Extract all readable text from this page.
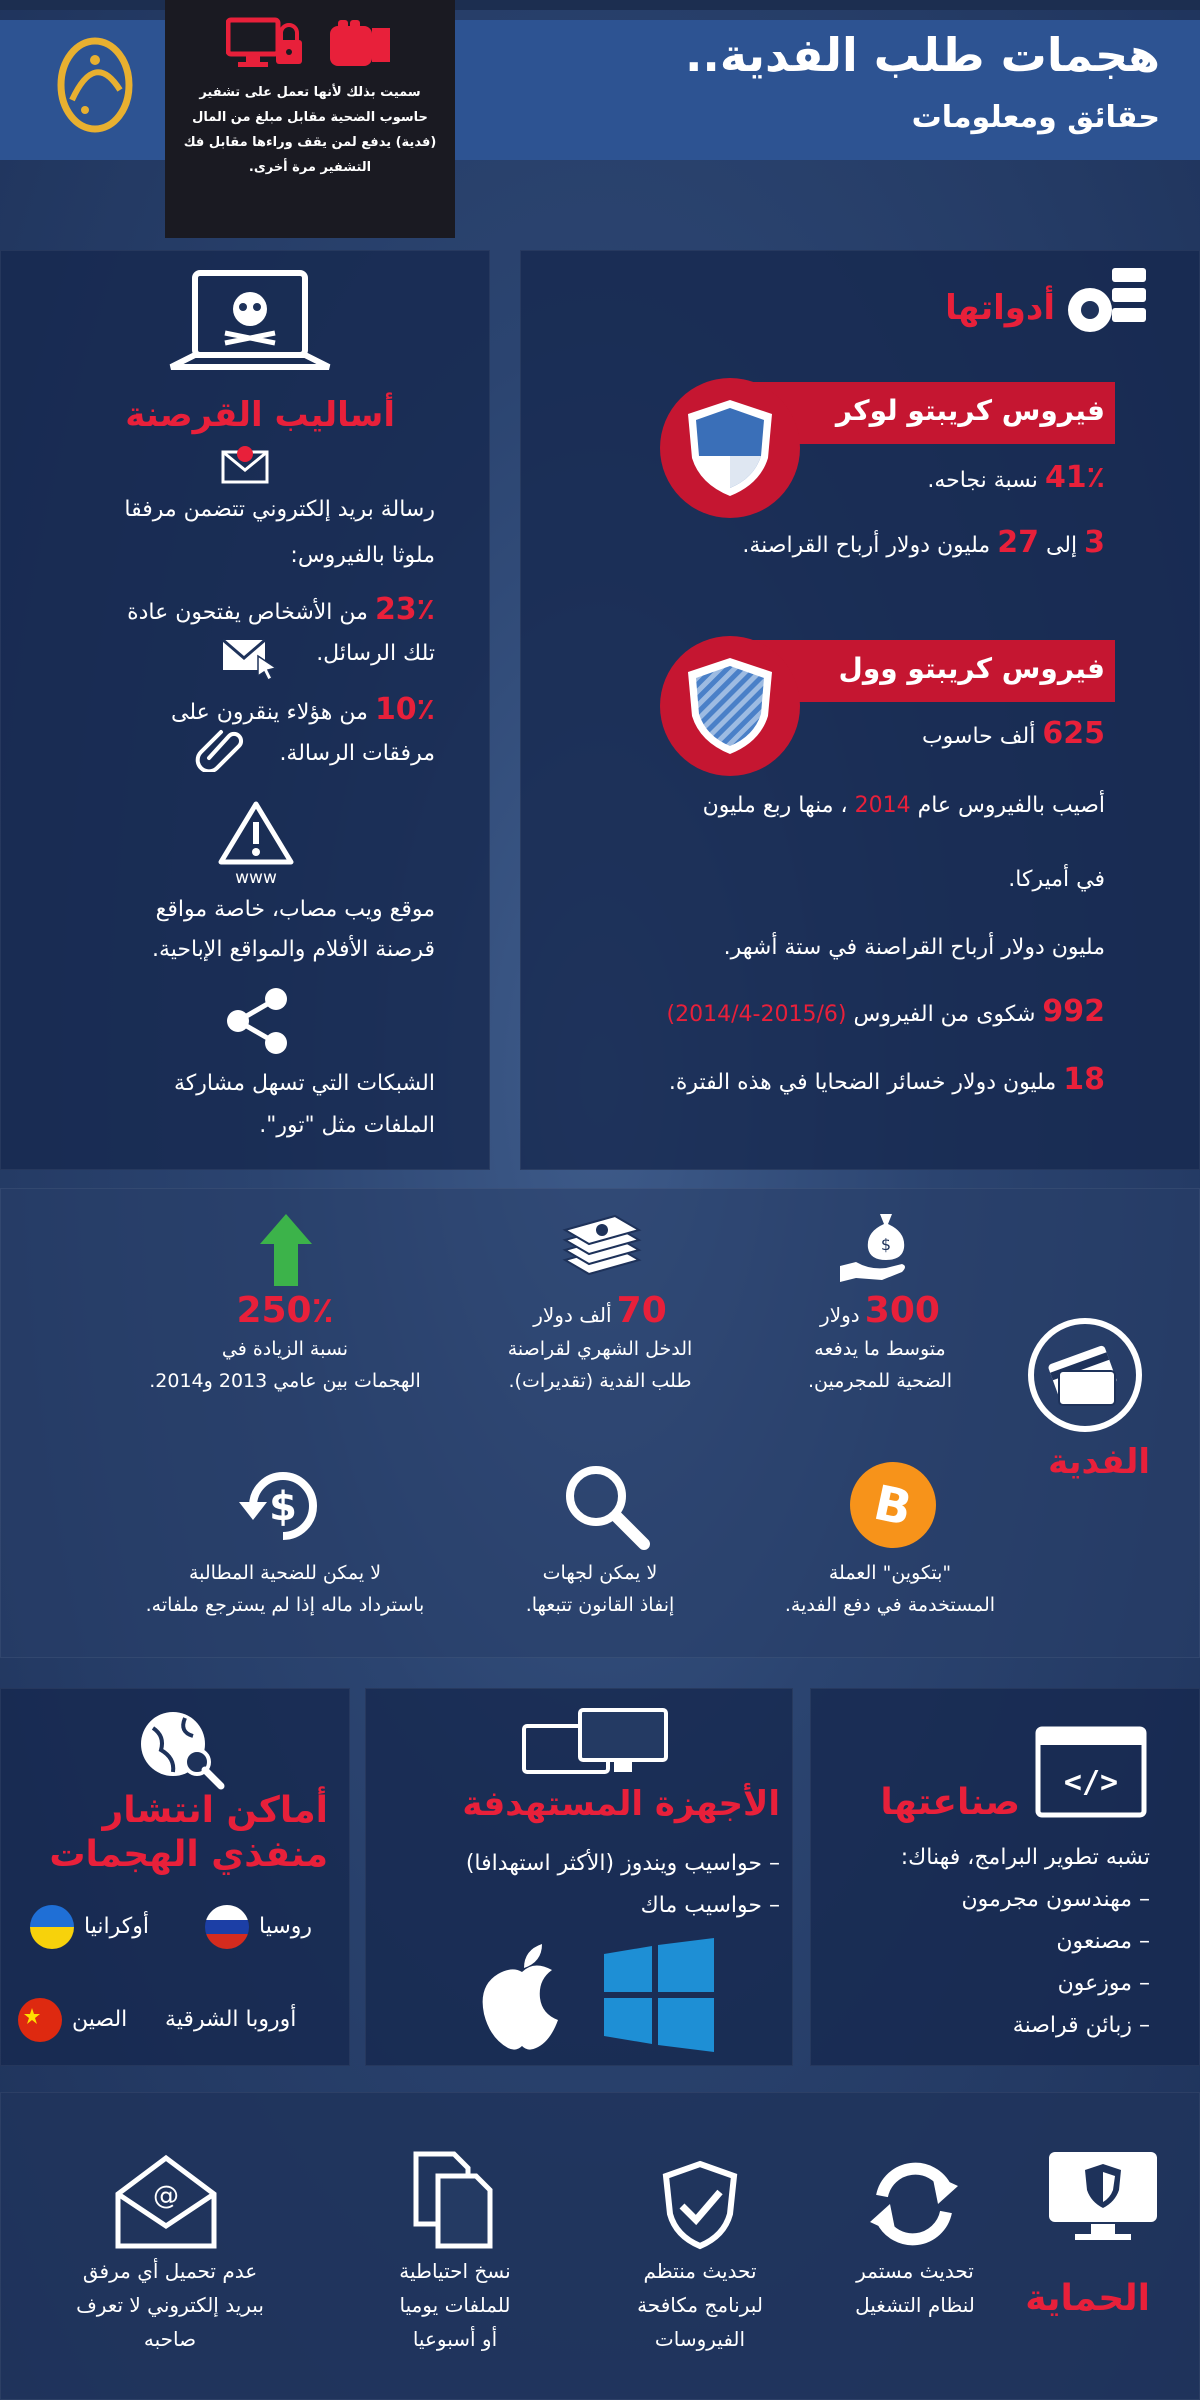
سميت بذلك لأنها تعمل على تشفير حاسوب الضحية مقابل مبلغ من المال (فدية) يدفع لمن يقف وراءها مقابل فك التشفير مرة أخرى.
هجمات طلب الفدية..
حقائق ومعلومات
أدواتها
فيروس كريبتو لوكر
41٪ نسبة نجاحه.
3 إلى 27 مليون دولار أرباح القراصنة.
فيروس كريبتو وول
625 ألف حاسوب
أصيب بالفيروس عام 2014 ، منها ربع مليون
في أميركا.
مليون دولار أرباح القراصنة في ستة أشهر.
992 شكوى من الفيروس (2015/6-2014/4)
18 مليون دولار خسائر الضحايا في هذه الفترة.
أساليب القرصنة
رسالة بريد إلكتروني تتضمن مرفقا
ملوثا بالفيروس:
23٪ من الأشخاص يفتحون عادة
تلك الرسائل.
10٪ من هؤلاء ينقرون على
مرفقات الرسالة.
www
موقع ويب مصاب، خاصة مواقع
قرصنة الأفلام والمواقع الإباحية.
الشبكات التي تسهل مشاركة
الملفات مثل "تور".
الفدية
$
300 دولار
متوسط ما يدفعه
الضحية للمجرمين.
70 ألف دولار
الدخل الشهري لقراصنة
طلب الفدية (تقديرات).
250٪
نسبة الزيادة في
الهجمات بين عامي 2013 و2014.
B
"بتكوين" العملة
المستخدمة في دفع الفدية.
لا يمكن لجهات
إنفاذ القانون تتبعها.
$
لا يمكن للضحية المطالبة
باسترداد ماله إذا لم يسترجع ملفاته.
</>
صناعتها
تشبه تطوير البرامج، فهناك:
– مهندسون مجرمون
– مصنعون
– موزعون
– زبائن قراصنة
الأجهزة المستهدفة
– حواسيب ويندوز (الأكثر استهدافا)
– حواسيب ماك
أماكن انتشار
منفذي الهجمات
روسيا
أوكرانيا
الصين أوروبا الشرقية
الحماية
تحديث مستمر
لنظام التشغيل
تحديث منتظم
لبرنامج مكافحة
الفيروسات
نسخ احتياطية
للملفات يوميا
أو أسبوعيا
@
عدم تحميل أي مرفق
ببريد إلكتروني لا تعرف
صاحبه
